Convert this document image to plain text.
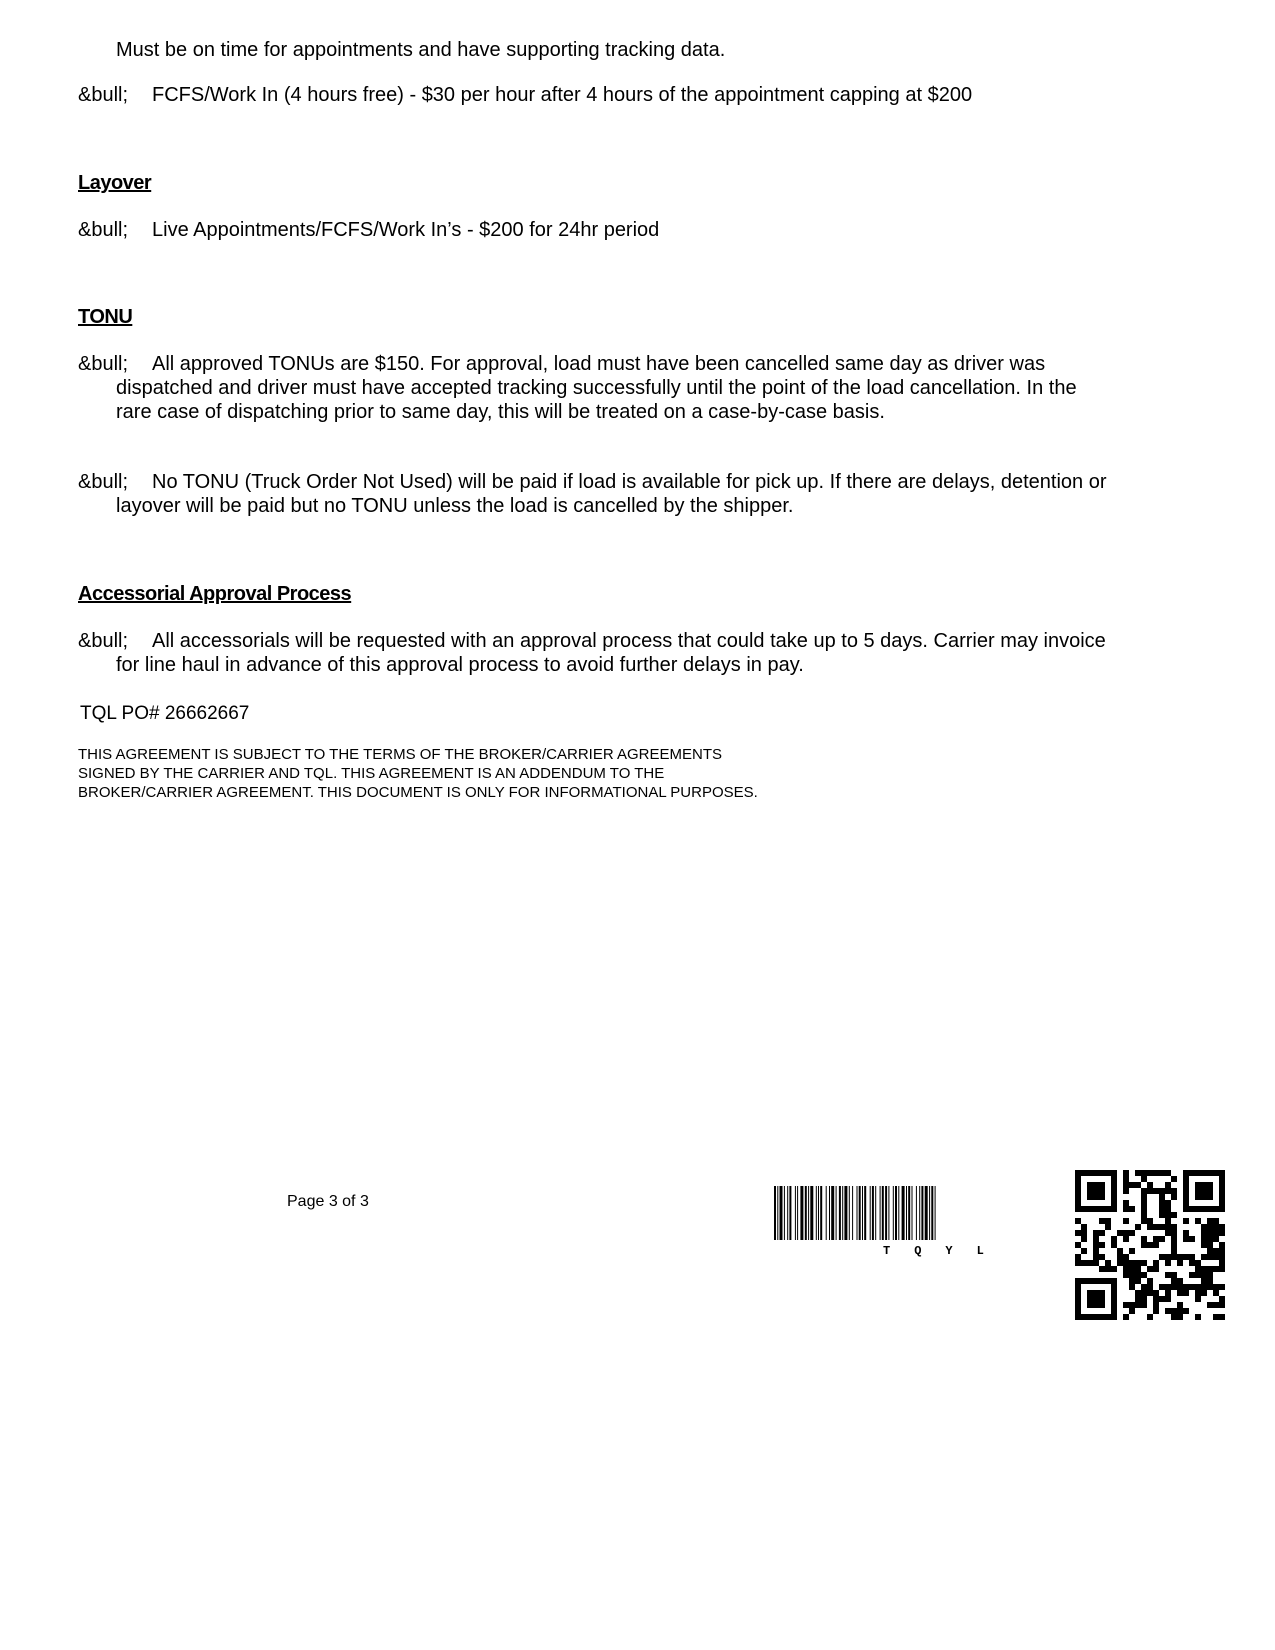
Must be on time for appointments and have supporting tracking data.
&bull; FCFS/Work In (4 hours free) - $30 per hour after 4 hours of the appointment capping at $200
Layover
&bull; Live Appointments/FCFS/Work In’s - $200 for 24hr period
TONU
&bull;	All approved TONUs are $150. For approval, load must have been cancelled same day as driver was dispatched and driver must have accepted tracking successfully until the point of the load cancellation. In the rare case of dispatching prior to same day, this will be treated on a case-by-case basis.
&bull;	No TONU (Truck Order Not Used) will be paid if load is available for pick up. If there are delays, detention or layover will be paid but no TONU unless the load is cancelled by the shipper.
Accessorial Approval Process
&bull;	All accessorials will be requested with an approval process that could take up to 5 days. Carrier may invoice for line haul in advance of this approval process to avoid further delays in pay.
TQL PO# 26662667
THIS AGREEMENT IS SUBJECT TO THE TERMS OF THE BROKER/CARRIER AGREEMENTS SIGNED BY THE CARRIER AND TQL. THIS AGREEMENT IS AN ADDENDUM TO THE BROKER/CARRIER AGREEMENT. THIS DOCUMENT IS ONLY FOR INFORMATIONAL PURPOSES.
Page 3 of 3
TQYL
